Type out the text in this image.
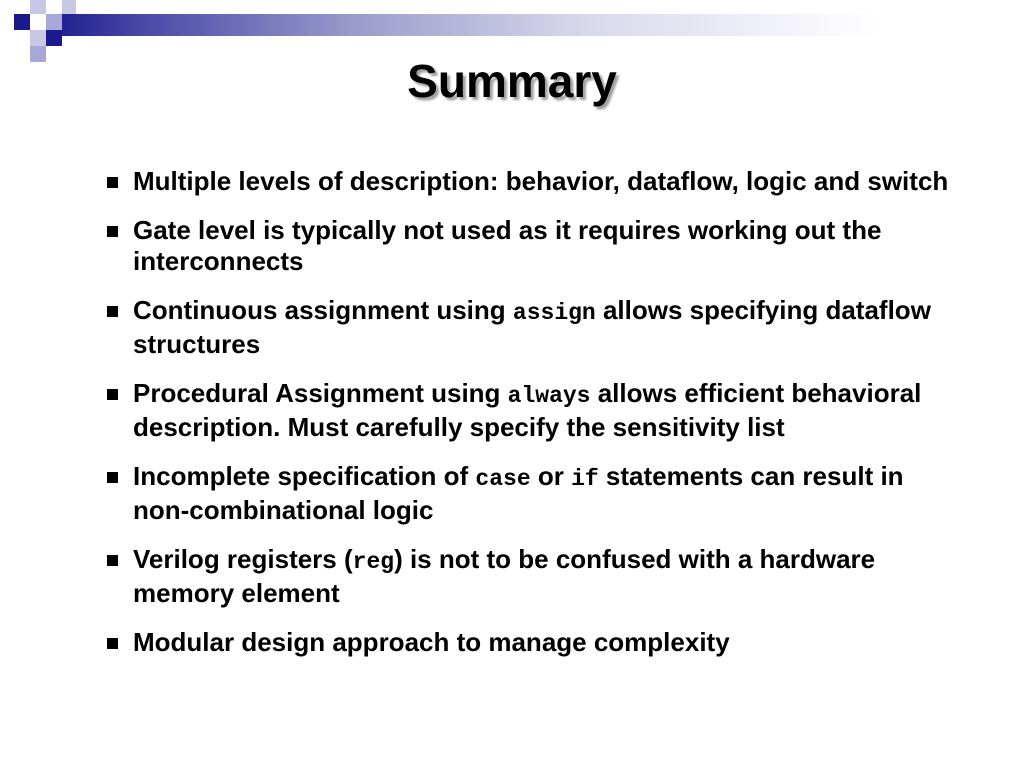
Summary
Multiple levels of description: behavior, dataflow, logic and switch
Gate level is typically not used as it requires working out the interconnects
Continuous assignment using assign allows specifying dataflow structures
Procedural Assignment using always allows efficient behavioral description. Must carefully specify the sensitivity list
Incomplete specification of case or if statements can result in non-combinational logic
Verilog registers (reg) is not to be confused with a hardware memory element
Modular design approach to manage complexity
